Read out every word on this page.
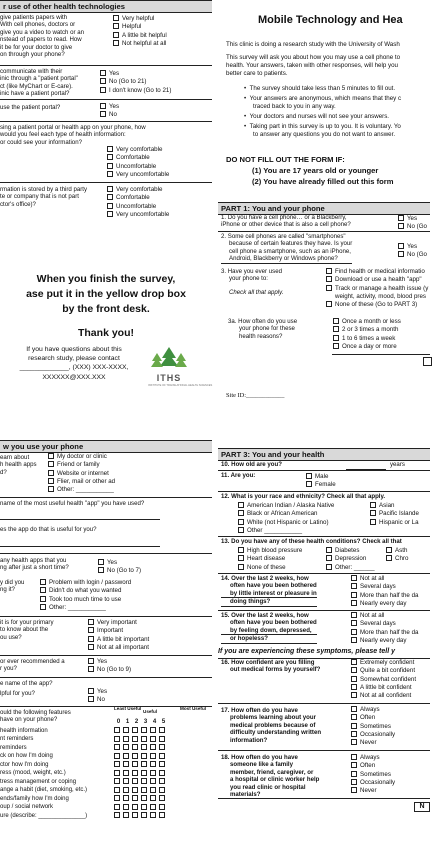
r use of other health technologies
give patients papers with
With cell phones, doctors or
give you a video to watch or an
nstead of papers to read. How
it be for your doctor to give
on through your phone?
Very helpful
Helpful
A little bit helpful
Not helpful at all
communicate with their
inic through a "patient portal"
ct (like MyChart or E-care).
inic have a patient portal?
Yes
No (Go to 21)
I don't know (Go to 21)
use the patient portal?	Yes
No
sing a patient portal or health app on your phone, how
would you feel each type of health information:
or could see your information?
Very comfortable
Comfortable
Uncomfortable
Very uncomfortable
rmation is stored by a third party
te or company that is not part
ctor's office)?
Very comfortable
Comfortable
Uncomfortable
Very uncomfortable
When you finish the survey,
ase put it in the yellow drop box
by the front desk.
Thank you!
If you have questions about this
research study, please contact
_____________, (XXX) XXX-XXXX,
XXXXXX@XXX.XXX	ITHS
INSTITUTE OF TRANSLATIONAL HEALTH SCIENCES
Mobile Technology and Hea
This clinic is doing a research study with the University of Wash
This survey will ask you about how you may use a cell phone to
health. Your answers, taken with other responses, will help you
better care to patients.
•  The survey should take less than 5 minutes to fill out.
•  Your answers are anonymous, which means that they c
traced back to you in any way.
•  Your doctors and nurses will not see your answers.
•  Taking part in this survey is up to you. It is voluntary. Yo
to answer any questions you do not want to answer.
DO NOT FILL OUT THE FORM IF:
(1) You are 17 years old or younger
(2) You have already filled out this form
PART 1: You and your phone
1. Do you have a cell phone… or a Blackberry,
iPhone or other device that is also a cell phone?
Yes
No (Go
2. Some cell phones are called "smartphones"
because of certain features they have. Is your
cell phone a smartphone, such as an iPhone,
Android, Blackberry or Windows phone?
Yes
No (Go
3. Have you ever used
your phone to:
Check all that apply.
Find health or medical informatio
Download or use a health "app"
Track or manage a health issue (y
weight, activity, mood, blood pres
None of these (Go to PART 3)
3a. How often do you use
your phone for these
health reasons?
Once a month or less
2 or 3 times a month
1 to 6 times a week
Once a day or more
Site ID:____________
w you use your phone
earn about
h health apps
d?
My doctor or clinic
Friend or family
Website or internet
Flier, mail or other ad
Other: ___________
name of the most useful health "app" you have used?
es the app do that is useful for you?
any health apps that you
ng after just a short time?
Yes
No (Go to 7)
y did you
ng it?
Problem with login / password
Didn't do what you wanted
Took too much time to use
Other: ___________
it is for your primary
to know about the
ou use?
Very important
Important
A little bit important
Not at all important
or ever recommended a
r you?
Yes
No (Go to 9)
e name of the app?
lpful for you?	Yes
No
ould the following features
have on your phone?
Least Useful
Useful
Most Useful
	0	1	2	3	4	5
health information						
nt reminders						
reminders						
ck on how I'm doing						
ctor how I'm doing						
ress (mood, weight, etc.)						
tress management or coping						
ange a habit (diet, smoking, etc.)						
ends/family how I'm doing						
oup / social network						
ure (describe: ______________)						
PART 3: You and your health
10. How old are you?	years
11. Are you:	Male
Female
12. What is your race and ethnicity? Check all that apply.
American Indian / Alaska Native
Black or African American
White (not Hispanic or Latino)
Other ___________
Asian
Pacific Islande
Hispanic or La
13. Do you have any of these health conditions? Check all that
High blood pressure
Heart disease
None of these
Diabetes
Depression
Other: ______
Asth
Chro
14. Over the last 2 weeks, how
often have you been bothered
by little interest or pleasure in
doing things?
Not at all
Several days
More than half the da
Nearly every day
15. Over the last 2 weeks, how
often have you been bothered
by feeling down, depressed,
or hopeless?
Not at all
Several days
More than half the da
Nearly every day
If you are experiencing these symptoms, please tell y
16. How confident are you filling
out medical forms by yourself?
Extremely confident
Quite a bit confident
Somewhat confident
A little bit confident
Not at all confident
17. How often do you have
problems learning about your
medical problems because of
difficulty understanding written
information?
Always
Often
Sometimes
Occasionally
Never
18. How often do you have
someone like a family
member, friend, caregiver, or
a hospital or clinic worker help
you read clinic or hospital
materials?
Always
Often
Sometimes
Occasionally
Never
N
